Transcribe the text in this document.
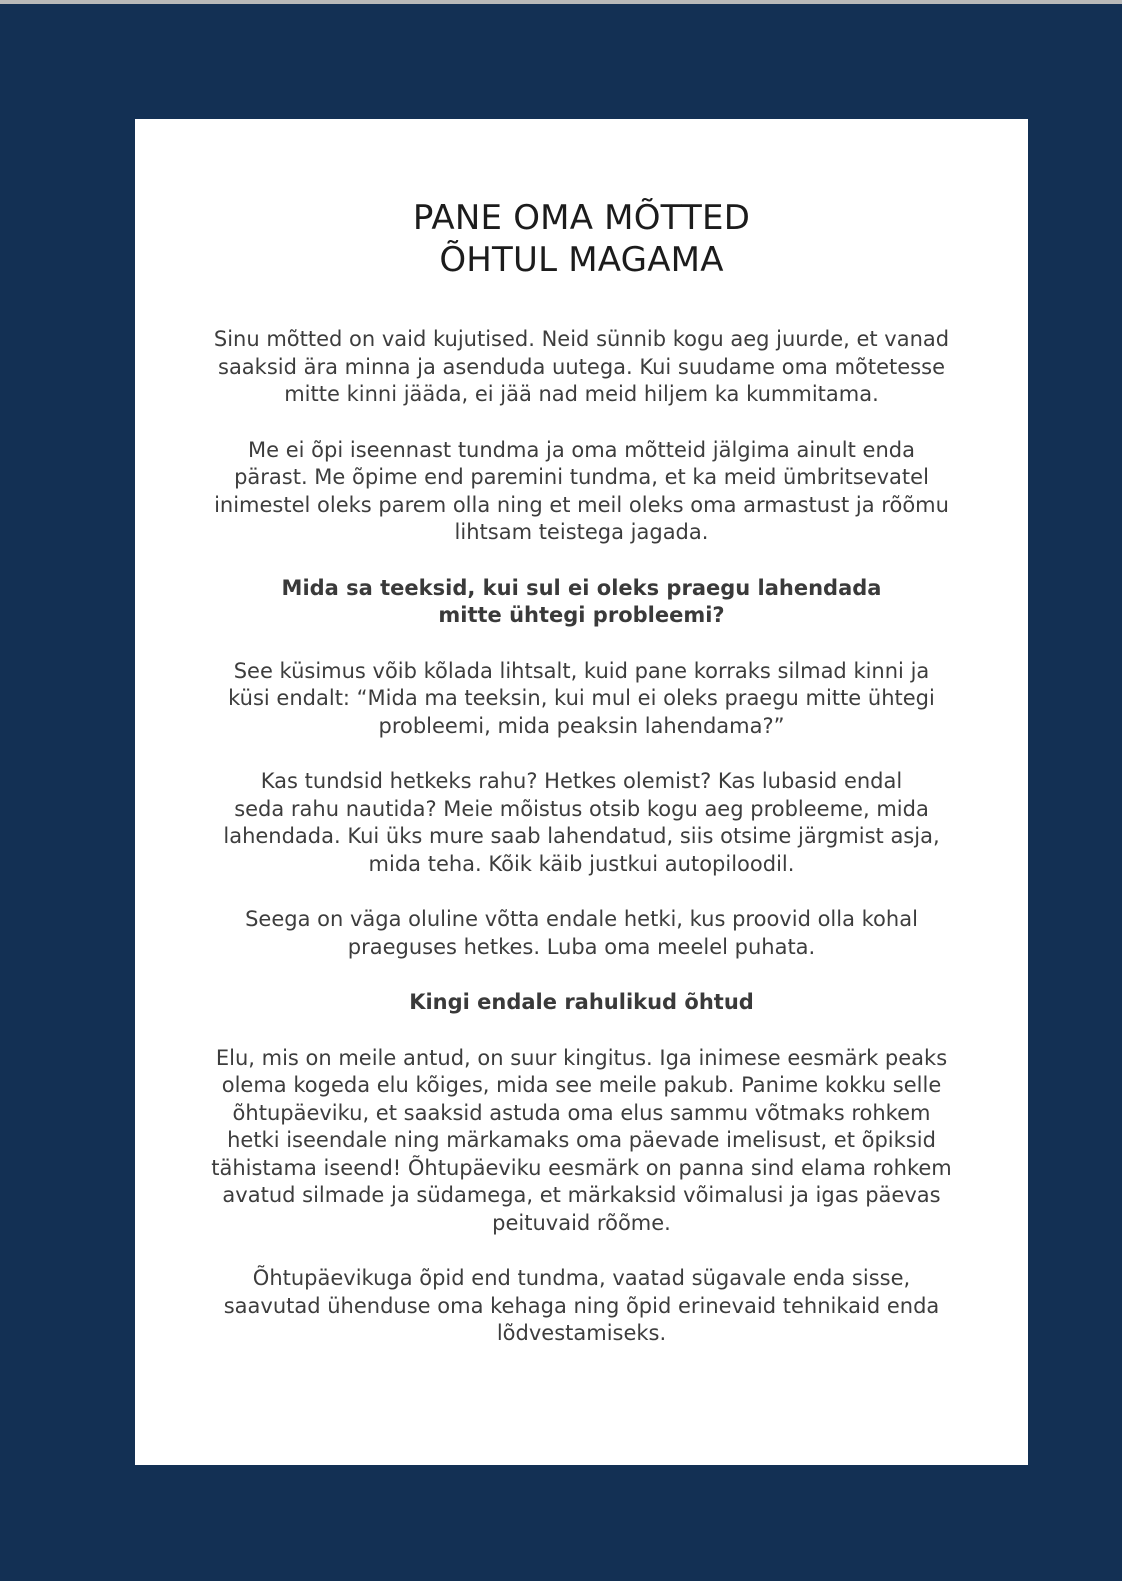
PANE OMA MÕTTED
ÕHTUL MAGAMA

Sinu mõtted on vaid kujutised. Neid sünnib kogu aeg juurde, et vanad
saaksid ära minna ja asenduda uutega. Kui suudame oma mõtetesse
mitte kinni jääda, ei jää nad meid hiljem ka kummitama.

Me ei õpi iseennast tundma ja oma mõtteid jälgima ainult enda
pärast. Me õpime end paremini tundma, et ka meid ümbritsevatel
inimestel oleks parem olla ning et meil oleks oma armastust ja rõõmu
lihtsam teistega jagada.

Mida sa teeksid, kui sul ei oleks praegu lahendada
mitte ühtegi probleemi?

See küsimus võib kõlada lihtsalt, kuid pane korraks silmad kinni ja
küsi endalt: “Mida ma teeksin, kui mul ei oleks praegu mitte ühtegi
probleemi, mida peaksin lahendama?”

Kas tundsid hetkeks rahu? Hetkes olemist? Kas lubasid endal
seda rahu nautida? Meie mõistus otsib kogu aeg probleeme, mida
lahendada. Kui üks mure saab lahendatud, siis otsime järgmist asja,
mida teha. Kõik käib justkui autopiloodil.

Seega on väga oluline võtta endale hetki, kus proovid olla kohal
praeguses hetkes. Luba oma meelel puhata.

Kingi endale rahulikud õhtud

Elu, mis on meile antud, on suur kingitus. Iga inimese eesmärk peaks
olema kogeda elu kõiges, mida see meile pakub. Panime kokku selle
õhtupäeviku, et saaksid astuda oma elus sammu võtmaks rohkem
hetki iseendale ning märkamaks oma päevade imelisust, et õpiksid
tähistama iseend! Õhtupäeviku eesmärk on panna sind elama rohkem
avatud silmade ja südamega, et märkaksid võimalusi ja igas päevas
peituvaid rõõme.

Õhtupäevikuga õpid end tundma, vaatad sügavale enda sisse,
saavutad ühenduse oma kehaga ning õpid erinevaid tehnikaid enda
lõdvestamiseks.
